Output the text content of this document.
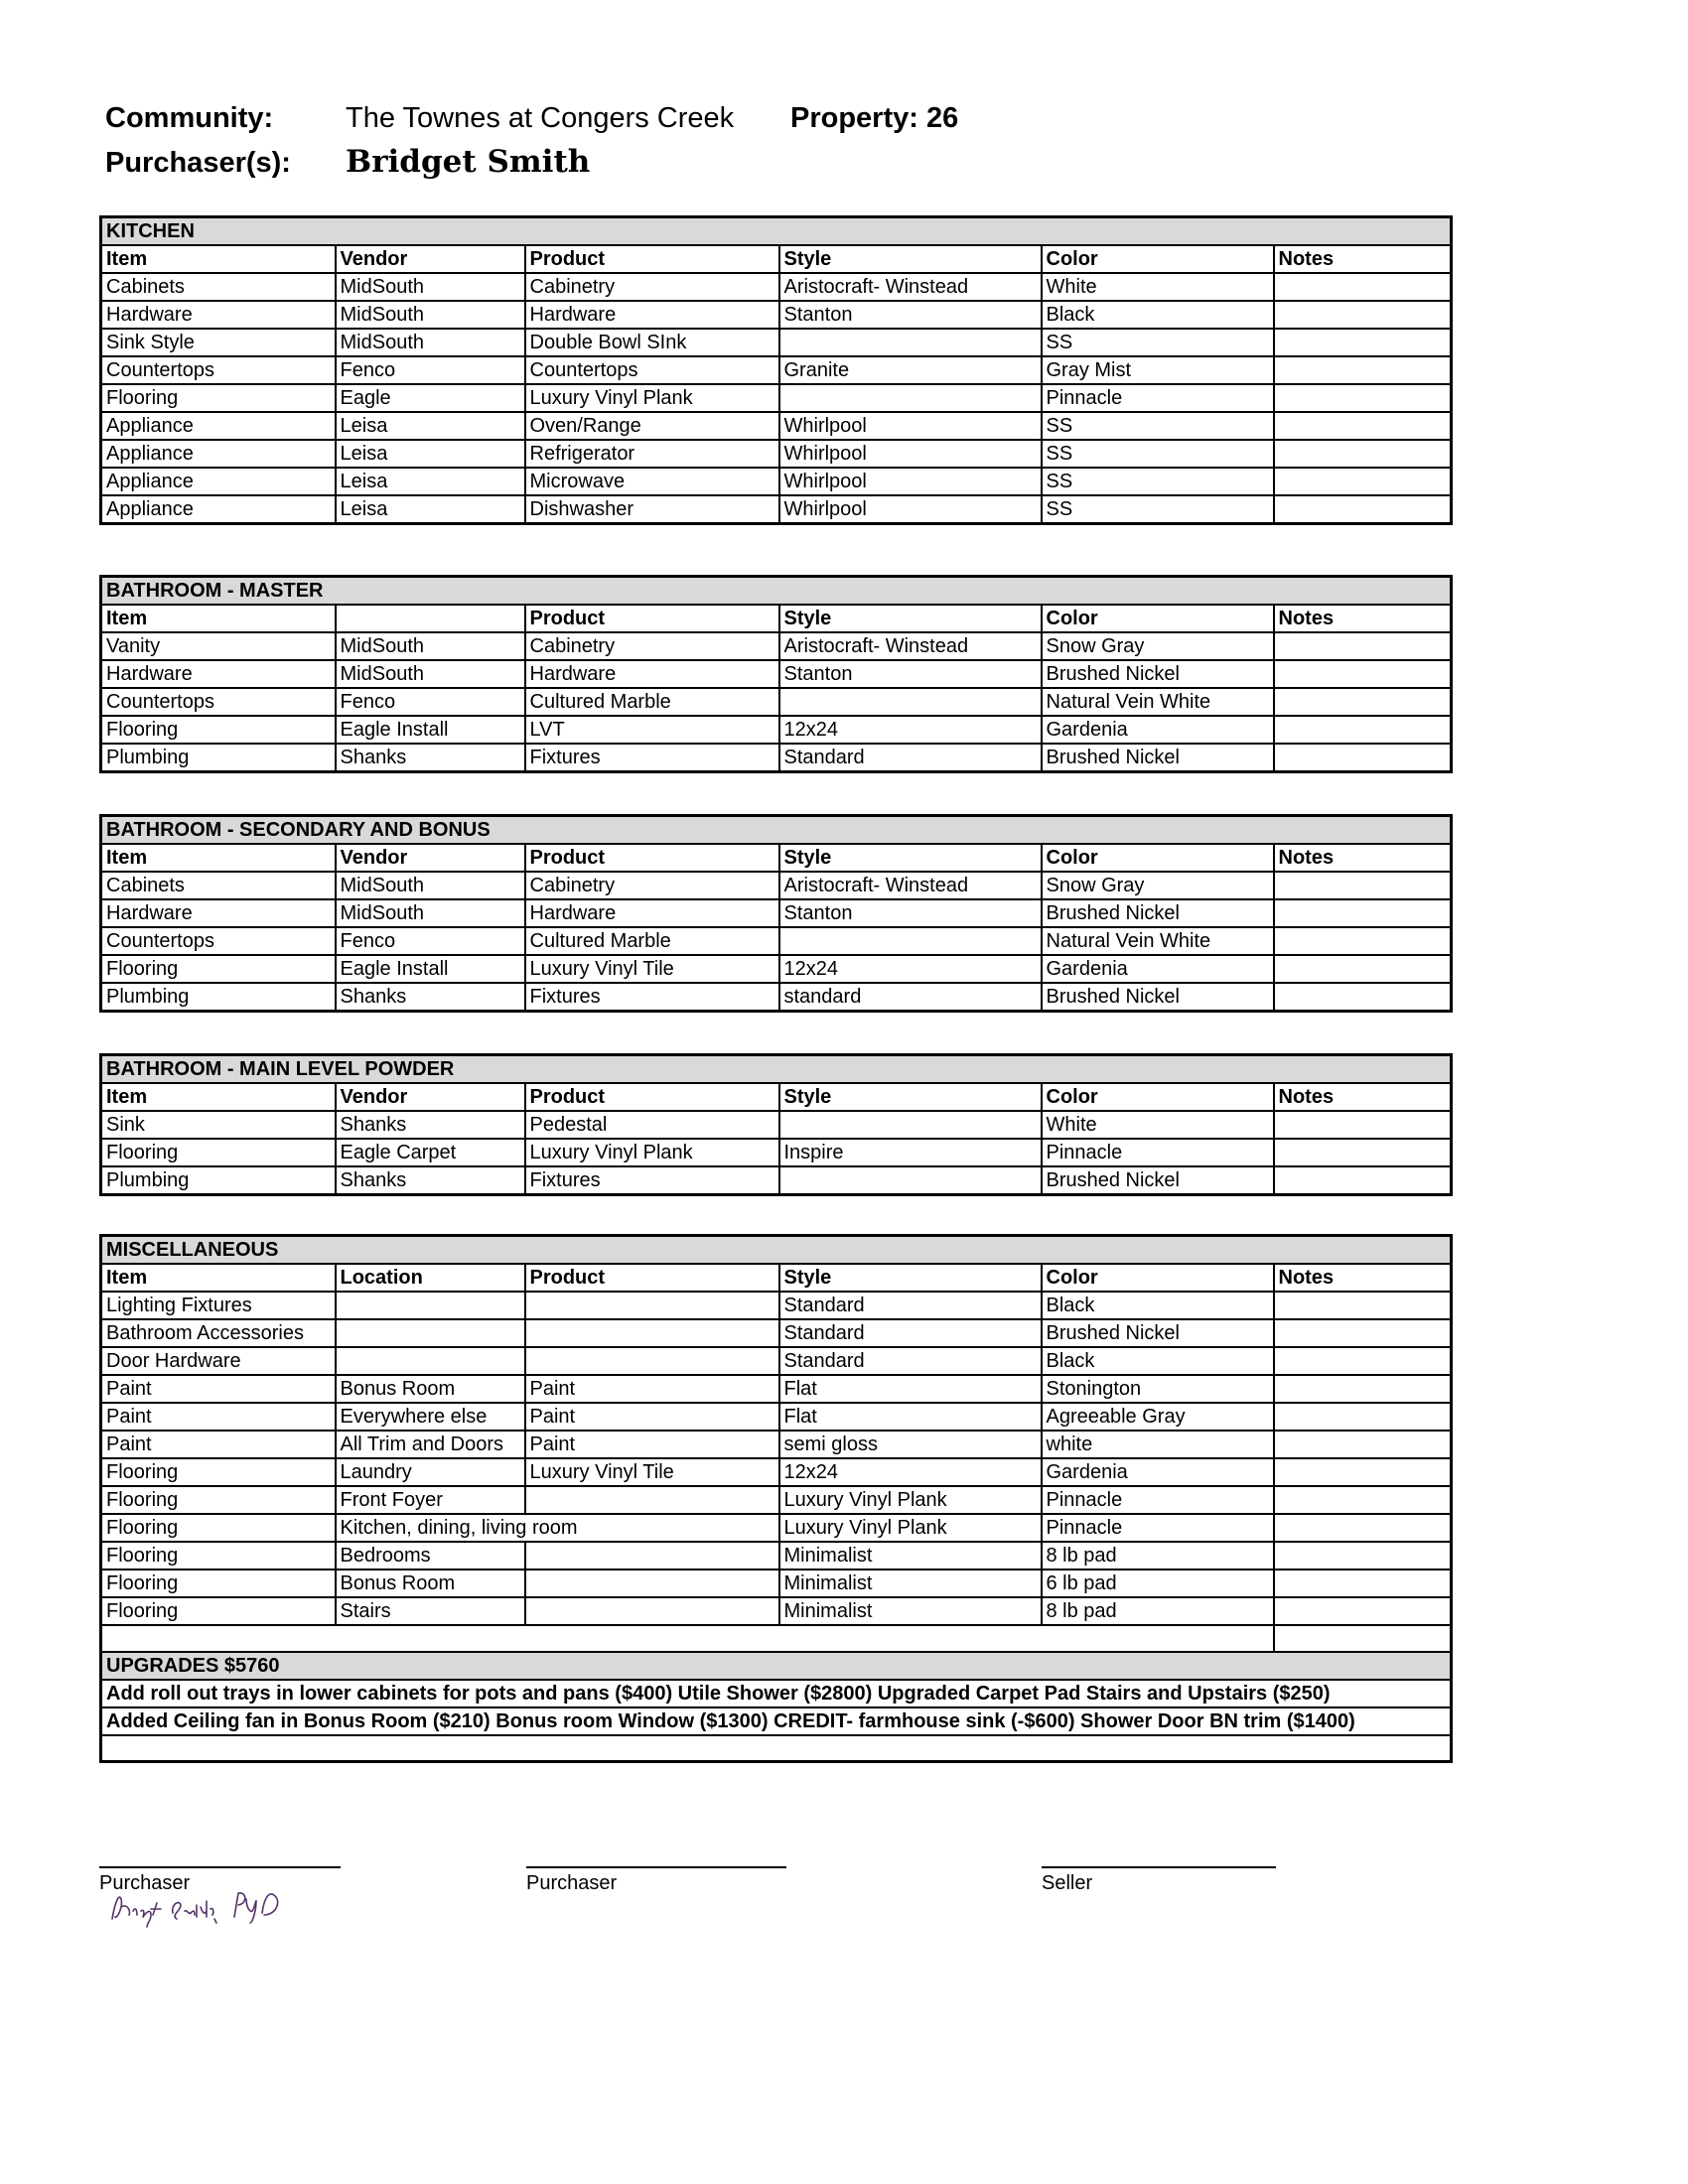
Community:	The Townes at Congers Creek	Property: 26
Purchaser(s):	Bridget Smith
KITCHEN					
Item	Vendor	Product	Style	Color	Notes
Cabinets	MidSouth	Cabinetry	Aristocraft- Winstead	White	
Hardware	MidSouth	Hardware	Stanton	Black	
Sink Style	MidSouth	Double Bowl SInk		SS	
Countertops	Fenco	Countertops	Granite	Gray Mist	
Flooring	Eagle	Luxury Vinyl Plank		Pinnacle	
Appliance	Leisa	Oven/Range	Whirlpool	SS	
Appliance	Leisa	Refrigerator	Whirlpool	SS	
Appliance	Leisa	Microwave	Whirlpool	SS	
Appliance	Leisa	Dishwasher	Whirlpool	SS	
BATHROOM - MASTER					
Item		Product	Style	Color	Notes
Vanity	MidSouth	Cabinetry	Aristocraft- Winstead	Snow Gray	
Hardware	MidSouth	Hardware	Stanton	Brushed Nickel	
Countertops	Fenco	Cultured Marble		Natural Vein White	
Flooring	Eagle Install	LVT	12x24	Gardenia	
Plumbing	Shanks	Fixtures	Standard	Brushed Nickel	
BATHROOM - SECONDARY AND BONUS					
Item	Vendor	Product	Style	Color	Notes
Cabinets	MidSouth	Cabinetry	Aristocraft- Winstead	Snow Gray	
Hardware	MidSouth	Hardware	Stanton	Brushed Nickel	
Countertops	Fenco	Cultured Marble		Natural Vein White	
Flooring	Eagle Install	Luxury Vinyl Tile	12x24	Gardenia	
Plumbing	Shanks	Fixtures	standard	Brushed Nickel	
BATHROOM - MAIN LEVEL POWDER					
Item	Vendor	Product	Style	Color	Notes
Sink	Shanks	Pedestal		White	
Flooring	Eagle Carpet	Luxury Vinyl Plank	Inspire	Pinnacle	
Plumbing	Shanks	Fixtures		Brushed Nickel	
MISCELLANEOUS					
Item	Location	Product	Style	Color	Notes
Lighting Fixtures			Standard	Black	
Bathroom Accessories			Standard	Brushed Nickel	
Door Hardware			Standard	Black	
Paint	Bonus Room	Paint	Flat	Stonington	
Paint	Everywhere else	Paint	Flat	Agreeable Gray	
Paint	All Trim and Doors	Paint	semi gloss	white	
Flooring	Laundry	Luxury Vinyl Tile	12x24	Gardenia	
Flooring	Front Foyer		Luxury Vinyl Plank	Pinnacle	
Flooring	Kitchen, dining, living room		Luxury Vinyl Plank	Pinnacle	
Flooring	Bedrooms		Minimalist	8 lb pad	
Flooring	Bonus Room		Minimalist	6 lb pad	
Flooring	Stairs		Minimalist	8 lb pad	

UPGRADES $5760					
Add roll out trays in lower cabinets for pots and pans ($400) Utile Shower ($2800) Upgraded Carpet Pad Stairs and Upstairs ($250)					
Added Ceiling fan in Bonus Room ($210) Bonus room Window ($1300) CREDIT- farmhouse sink (-$600) Shower Door BN trim ($1400)					

Purchaser	Purchaser	Seller
